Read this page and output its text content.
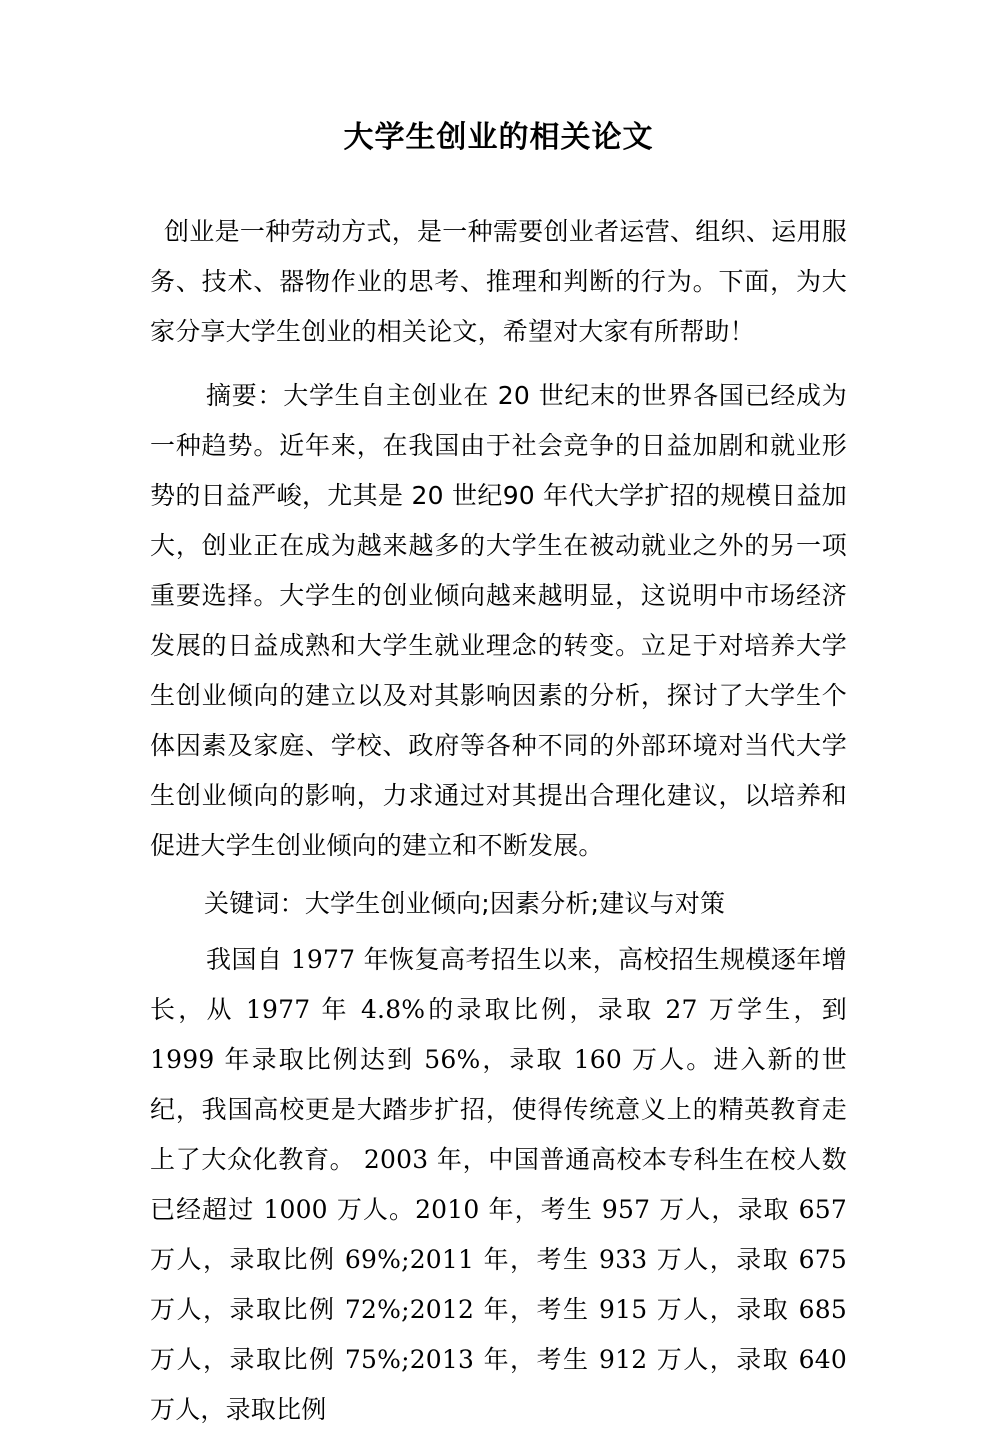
大学生创业的相关论文

创业是一种劳动方式，是一种需要创业者运营、组织、运用服务、技术、器物作业的思考、推理和判断的行为。下面，为大家分享大学生创业的相关论文，希望对大家有所帮助！

摘要：大学生自主创业在 20 世纪末的世界各国已经成为一种趋势。近年来，在我国由于社会竞争的日益加剧和就业形势的日益严峻，尤其是 20 世纪90 年代大学扩招的规模日益加大，创业正在成为越来越多的大学生在被动就业之外的另一项重要选择。大学生的创业倾向越来越明显，这说明中市场经济发展的日益成熟和大学生就业理念的转变。立足于对培养大学生创业倾向的建立以及对其影响因素的分析，探讨了大学生个体因素及家庭、学校、政府等各种不同的外部环境对当代大学生创业倾向的影响，力求通过对其提出合理化建议，以培养和促进大学生创业倾向的建立和不断发展。

关键词：大学生创业倾向;因素分析;建议与对策

我国自 1977 年恢复高考招生以来，高校招生规模逐年增长，从 1977 年 4.8%的录取比例，录取 27 万学生，到 1999 年录取比例达到 56%，录取 160 万人。进入新的世纪，我国高校更是大踏步扩招，使得传统意义上的精英教育走上了大众化教育。 2003 年，中国普通高校本专科生在校人数已经超过 1000 万人。2010 年，考生 957 万人，录取 657 万人，录取比例 69%;2011 年，考生 933 万人，录取 675 万人，录取比例 72%;2012 年，考生 915 万人，录取 685 万人，录取比例 75%;2013 年，考生 912 万人，录取 640 万人，录取比例
